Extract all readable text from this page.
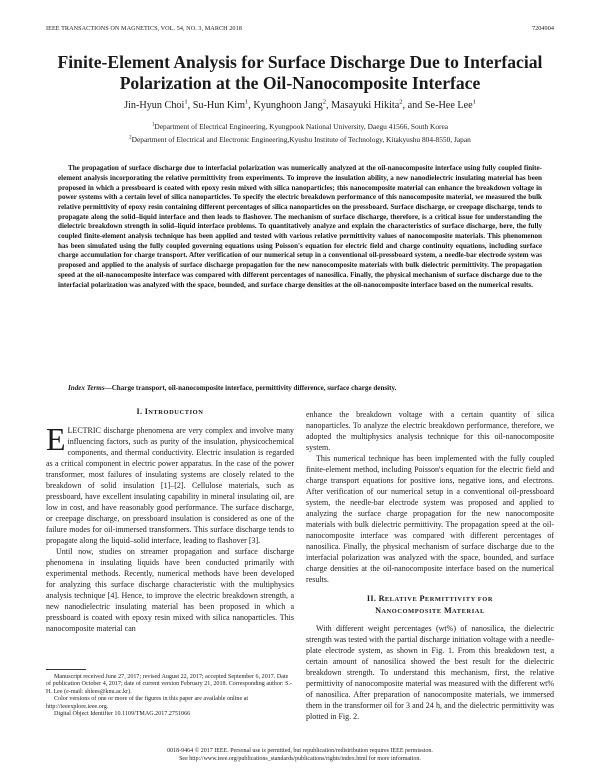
IEEE TRANSACTIONS ON MAGNETICS, VOL. 54, NO. 3, MARCH 2018	7204904
Finite-Element Analysis for Surface Discharge Due to Interfacial Polarization at the Oil-Nanocomposite Interface
Jin-Hyun Choi$^1$, Su-Hun Kim$^1$, Kyunghoon Jang$^2$, Masayuki Hikita$^2$, and Se-Hee Lee$^1$
$^1$Department of Electrical Engineering, Kyungpook National University, Daegu 41566, South Korea
$^2$Department of Electrical and Electronic Engineering,Kyushu Institute of Technology, Kitakyushu 804-8550, Japan

The propagation of surface discharge due to interfacial polarization was numerically analyzed at the oil-nanocomposite interface using fully coupled finite-element analysis incorporating the relative permittivity from experiments. To improve the insulation ability, a new nanodielectric insulating material has been proposed in which a pressboard is coated with epoxy resin mixed with silica nanoparticles; this nanocomposite material can enhance the breakdown voltage in power systems with a certain level of silica nanoparticles. To specify the electric breakdown performance of this nanocomposite material, we measured the bulk relative permittivity of epoxy resin containing different percentages of silica nanoparticles on the pressboard. Surface discharge, or creepage discharge, tends to propagate along the solid–liquid interface and then leads to flashover. The mechanism of surface discharge, therefore, is a critical issue for understanding the dielectric breakdown strength in solid–liquid interface problems. To quantitatively analyze and explain the characteristics of surface discharge, here, the fully coupled finite-element analysis technique has been applied and tested with various relative permittivity values of nanocomposite materials. This phenomenon has been simulated using the fully coupled governing equations using Poisson's equation for electric field and charge continuity equations, including surface charge accumulation for charge transport. After verification of our numerical setup in a conventional oil-pressboard system, a needle-bar electrode system was proposed and applied to the analysis of surface discharge propagation for the new nanocomposite materials with bulk dielectric permittivity. The propagation speed at the oil-nanocomposite interface was compared with different percentages of nanosilica. Finally, the physical mechanism of surface discharge due to the interfacial polarization was analyzed with the space, bounded, and surface charge densities at the oil-nanocomposite interface based on the numerical results.

Index Terms—Charge transport, oil-nanocomposite interface, permittivity difference, surface charge density.

I. INTRODUCTION

ELECTRIC discharge phenomena are very complex and involve many influencing factors, such as purity of the insulation, physicochemical components, and thermal conductivity. Electric insulation is regarded as a critical component in electric power apparatus. In the case of the power transformer, most failures of insulating systems are closely related to the breakdown of solid insulation [1]–[2]. Cellulose materials, such as pressboard, have excellent insulating capability in mineral insulating oil, are low in cost, and have reasonably good performance. The surface discharge, or creepage discharge, on pressboard insulation is considered as one of the failure modes for oil-immersed transformers. This surface discharge tends to propagate along the liquid–solid interface, leading to flashover [3].

Until now, studies on streamer propagation and surface discharge phenomena in insulating liquids have been conducted primarily with experimental methods. Recently, numerical methods have been developed for analyzing this surface discharge characteristic with the multiphysics analysis technique [4]. Hence, to improve the electric breakdown strength, a new nanodielectric insulating material has been proposed in which a pressboard is coated with epoxy resin mixed with silica nanoparticles. This nanocomposite material can

enhance the breakdown voltage with a certain quantity of silica nanoparticles. To analyze the electric breakdown performance, therefore, we adopted the multiphysics analysis technique for this oil-nanocomposite system.

This numerical technique has been implemented with the fully coupled finite-element method, including Poisson's equation for the electric field and charge transport equations for positive ions, negative ions, and electrons. After verification of our numerical setup in a conventional oil-pressboard system, the needle-bar electrode system was proposed and applied to analyzing the surface charge propagation for the new nanocomposite materials with bulk dielectric permittivity. The propagation speed at the oil-nanocomposite interface was compared with different percentages of nanosilica. Finally, the physical mechanism of surface discharge due to the interfacial polarization was analyzed with the space, bounded, and surface charge densities at the oil-nanocomposite interface based on the numerical results.

II. RELATIVE PERMITTIVITY FOR
NANOCOMPOSITE MATERIAL

With different weight percentages (wt%) of nanosilica, the dielectric strength was tested with the partial discharge initiation voltage with a needle-plate electrode system, as shown in Fig. 1. From this breakdown test, a certain amount of nanosilica showed the best result for the dielectric breakdown strength. To understand this mechanism, first, the relative permittivity of nanocomposite material was measured with the different wt% of nanosilica. After preparation of nanocomposite materials, we immersed them in the transformer oil for 3 and 24 h, and the dielectric permittivity was plotted in Fig. 2.

Manuscript received June 27, 2017; revised August 22, 2017; accepted September 6, 2017. Date of publication October 4, 2017; date of current version February 21, 2018. Corresponding author: S.-H. Lee (e-mail: shlees@knu.ac.kr).

Color versions of one or more of the figures in this paper are available online at http://ieeexplore.ieee.org.

Digital Object Identifier 10.1109/TMAG.2017.2751066

0018-9464 © 2017 IEEE. Personal use is permitted, but republication/redistribution requires IEEE permission.

See http://www.ieee.org/publications_standards/publications/rights/index.html for more information.
